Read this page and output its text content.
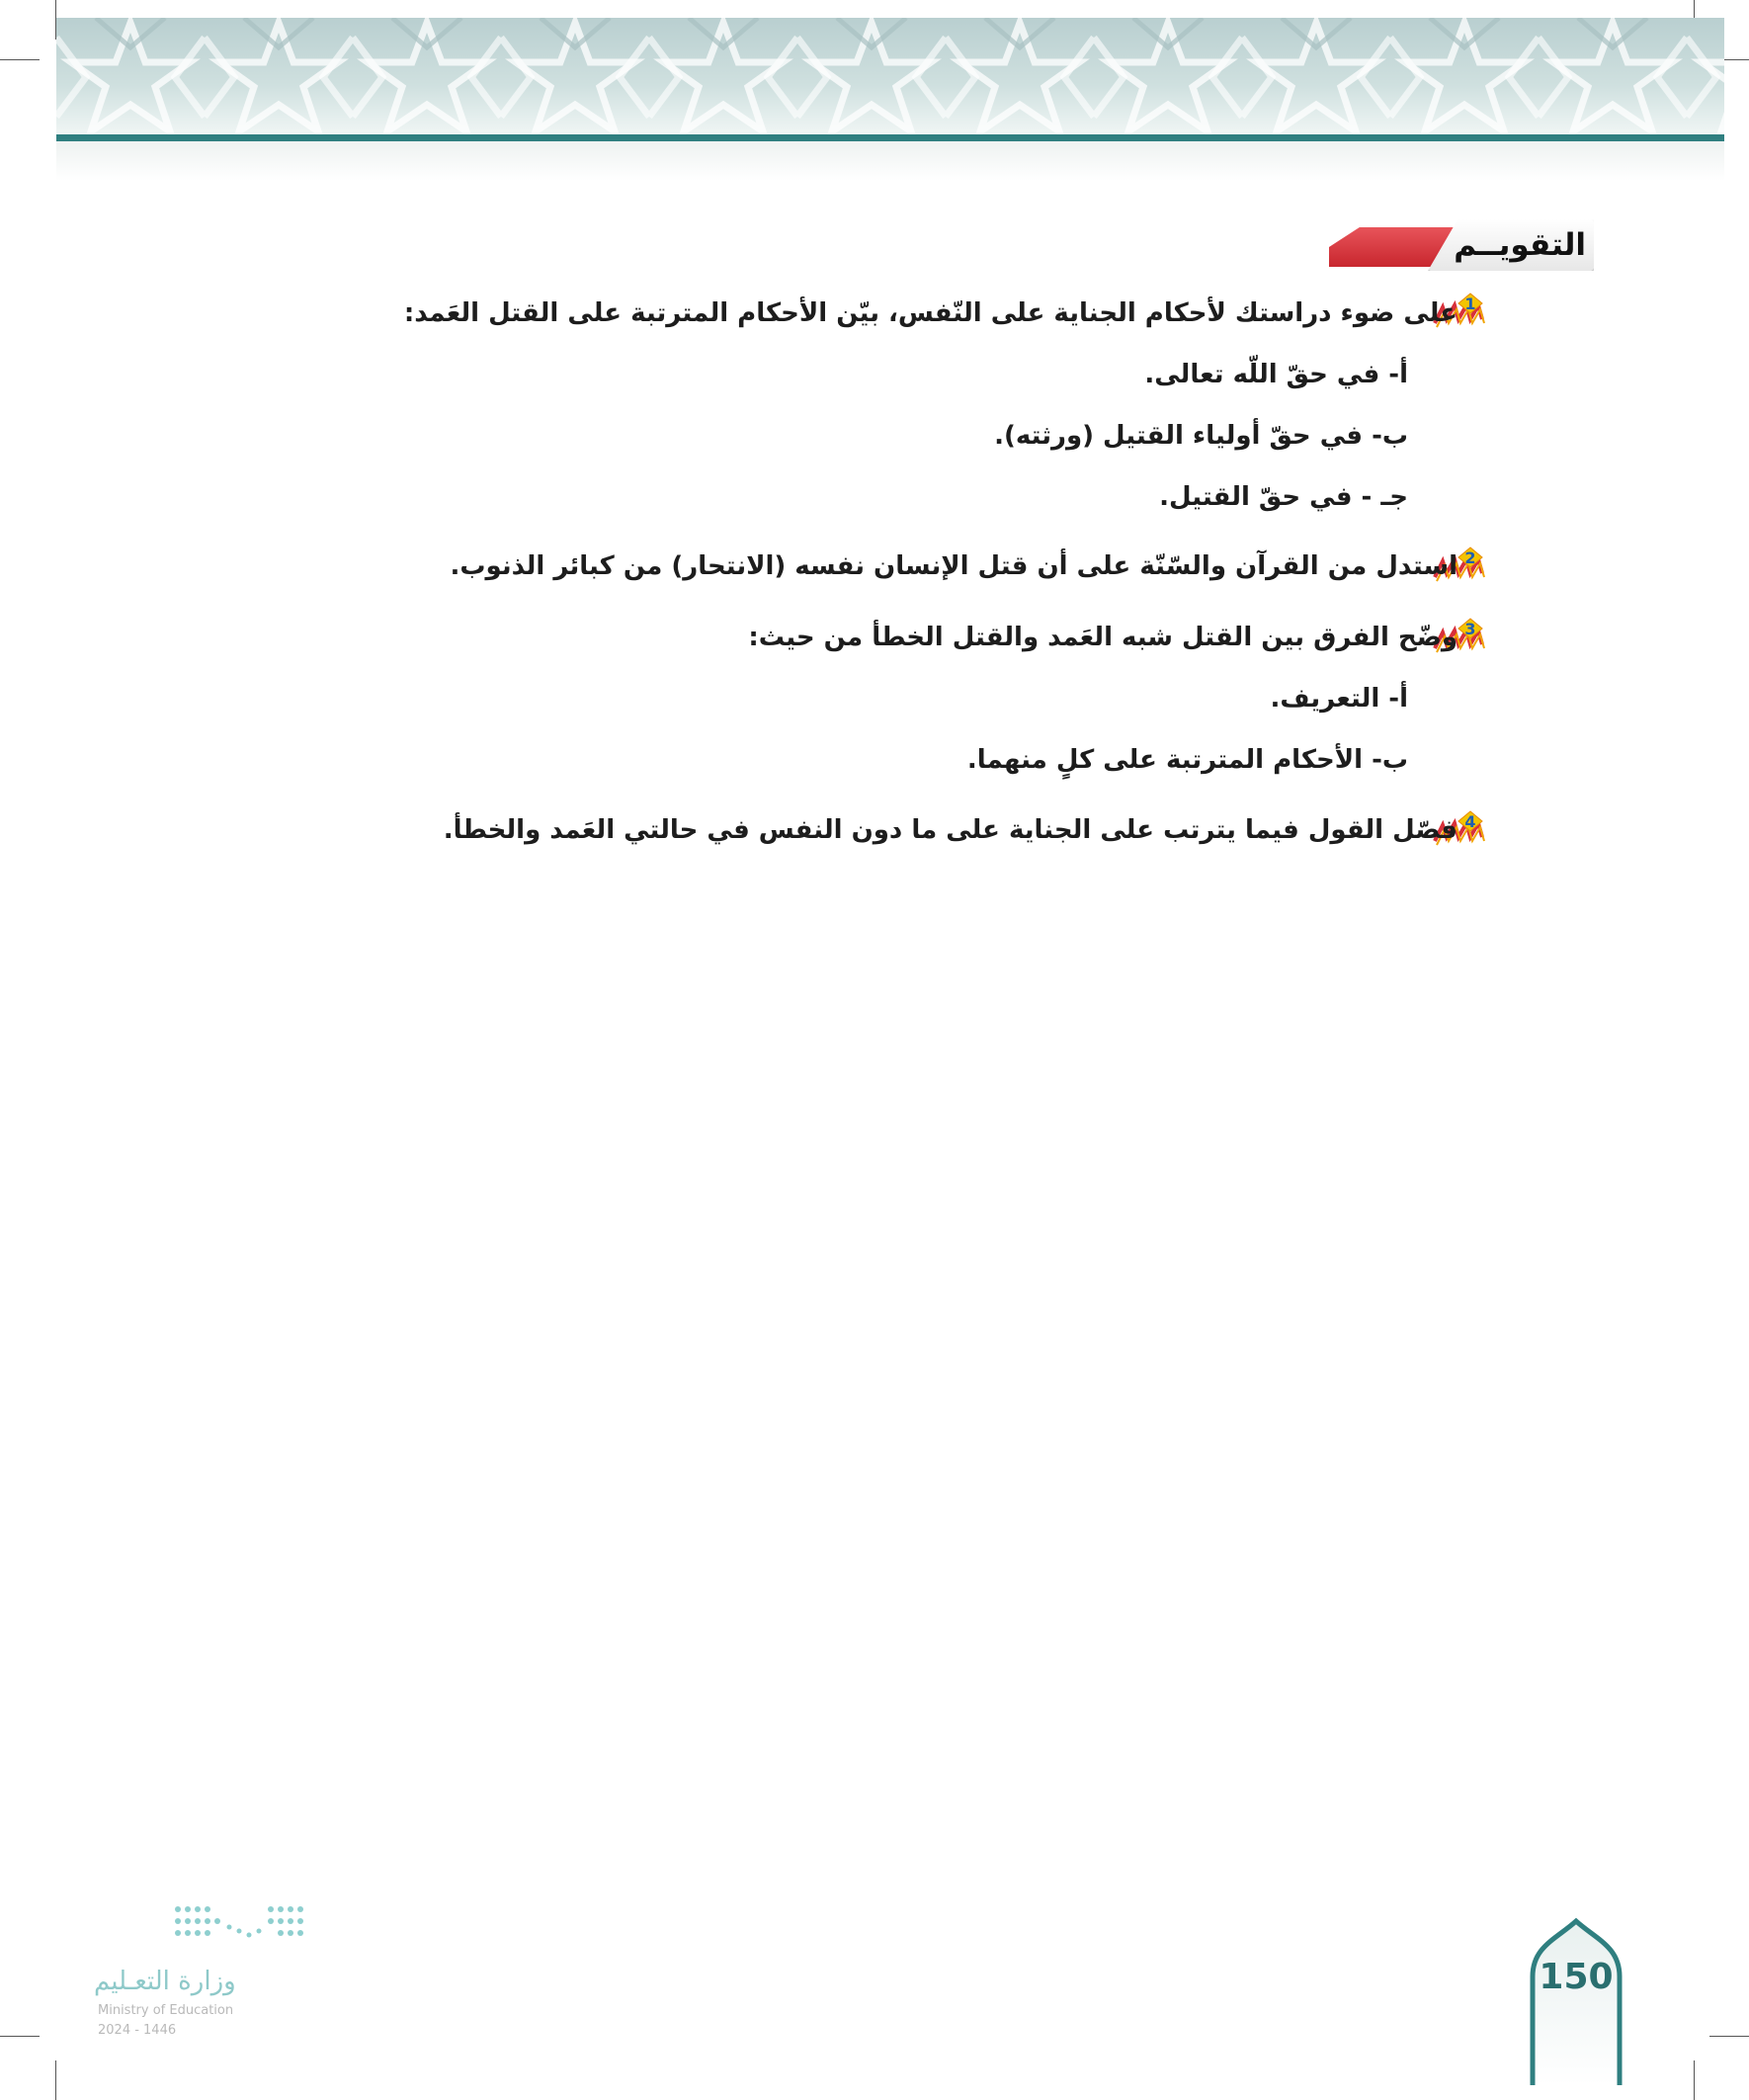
التقويــم
1
2
3
4
على ضوء دراستك لأحكام الجناية على النّفس، بيّن الأحكام المترتبة على القتل العَمد:
أ- في حقّ اللّه تعالى.
ب- في حقّ أولياء القتيل (ورثته).
جـ - في حقّ القتيل.
استدل من القرآن والسّنّة على أن قتل الإنسان نفسه (الانتحار) من كبائر الذنوب.
وضّح الفرق بين القتل شبه العَمد والقتل الخطأ من حيث:
أ- التعريف.
ب- الأحكام المترتبة على كلٍ منهما.
فصّل القول فيما يترتب على الجناية على ما دون النفس في حالتي العَمد والخطأ.
وزارة التعـليم
Ministry of Education
2024 - 1446
150
